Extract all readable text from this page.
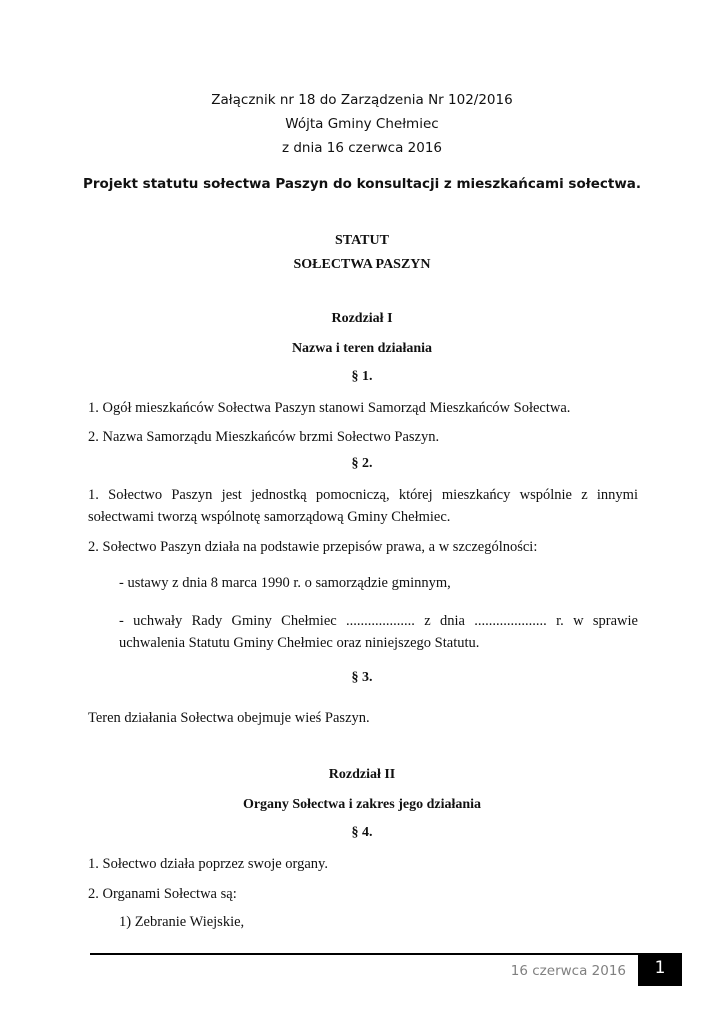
Załącznik nr 18 do Zarządzenia Nr 102/2016
Wójta Gminy Chełmiec
z dnia 16 czerwca 2016
Projekt statutu sołectwa Paszyn do konsultacji z mieszkańcami sołectwa.
STATUT
SOŁECTWA PASZYN
Rozdział I
Nazwa i teren działania
§ 1.
1. Ogół mieszkańców Sołectwa Paszyn stanowi Samorząd Mieszkańców Sołectwa.
2. Nazwa Samorządu Mieszkańców brzmi Sołectwo Paszyn.
§ 2.
1. Sołectwo Paszyn jest jednostką pomocniczą, której mieszkańcy wspólnie z innymi sołectwami tworzą wspólnotę samorządową Gminy Chełmiec.
2. Sołectwo Paszyn działa na podstawie przepisów prawa, a w szczególności:
- ustawy z dnia 8 marca 1990 r. o samorządzie gminnym,
- uchwały Rady Gminy Chełmiec ................... z dnia .................... r. w sprawie uchwalenia Statutu Gminy Chełmiec oraz niniejszego Statutu.
§ 3.
Teren działania Sołectwa obejmuje wieś Paszyn.
Rozdział II
Organy Sołectwa i zakres jego działania
§ 4.
1. Sołectwo działa poprzez swoje organy.
2. Organami Sołectwa są:
1) Zebranie Wiejskie,
16 czerwca 2016	1
